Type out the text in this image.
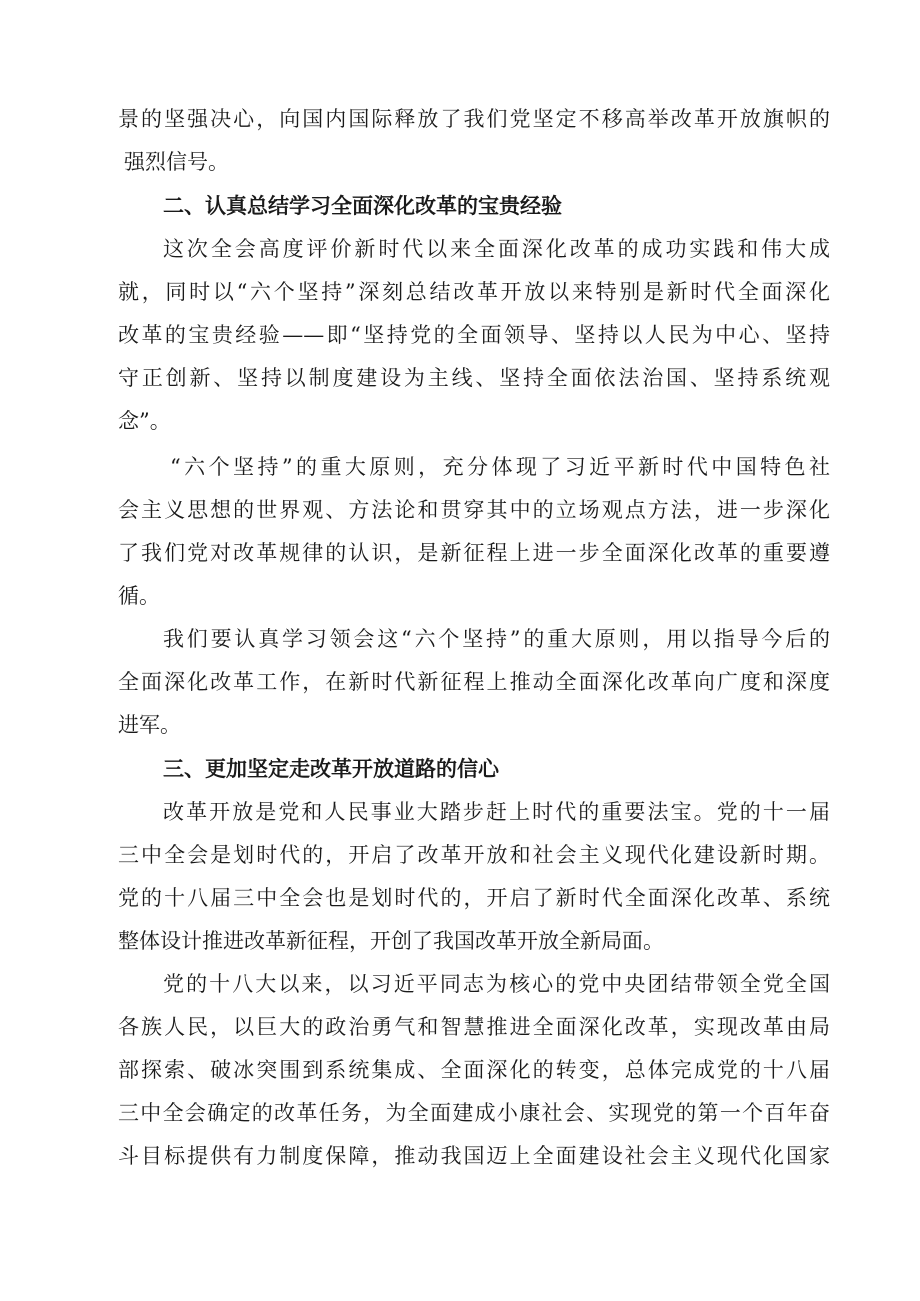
景的坚强决心，向国内国际释放了我们党坚定不移高举改革开放旗帜的

强烈信号。

二、认真总结学习全面深化改革的宝贵经验

这次全会高度评价新时代以来全面深化改革的成功实践和伟大成

就，同时以“六个坚持”深刻总结改革开放以来特别是新时代全面深化

改革的宝贵经验——即“坚持党的全面领导、坚持以人民为中心、坚持

守正创新、坚持以制度建设为主线、坚持全面依法治国、坚持系统观

念”。

“六个坚持”的重大原则，充分体现了习近平新时代中国特色社

会主义思想的世界观、方法论和贯穿其中的立场观点方法，进一步深化

了我们党对改革规律的认识，是新征程上进一步全面深化改革的重要遵

循。

我们要认真学习领会这“六个坚持”的重大原则，用以指导今后的

全面深化改革工作，在新时代新征程上推动全面深化改革向广度和深度

进军。

三、更加坚定走改革开放道路的信心

改革开放是党和人民事业大踏步赶上时代的重要法宝。党的十一届

三中全会是划时代的，开启了改革开放和社会主义现代化建设新时期。

党的十八届三中全会也是划时代的，开启了新时代全面深化改革、系统

整体设计推进改革新征程，开创了我国改革开放全新局面。

党的十八大以来，以习近平同志为核心的党中央团结带领全党全国

各族人民，以巨大的政治勇气和智慧推进全面深化改革，实现改革由局

部探索、破冰突围到系统集成、全面深化的转变，总体完成党的十八届

三中全会确定的改革任务，为全面建成小康社会、实现党的第一个百年奋

斗目标提供有力制度保障，推动我国迈上全面建设社会主义现代化国家
